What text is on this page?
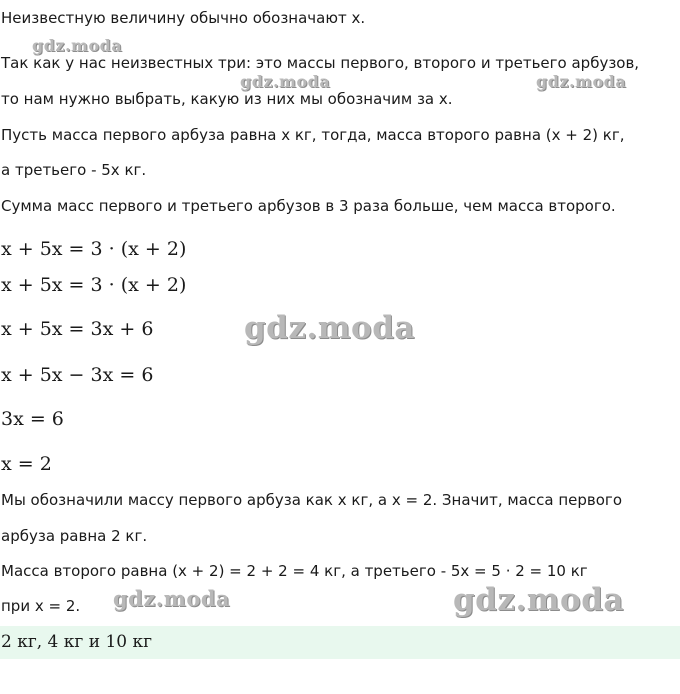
Неизвестную величину обычно обозначают x.
Так как у нас неизвестных три: это массы первого, второго и третьего арбузов,
то нам нужно выбрать, какую из них мы обозначим за x.
Пусть масса первого арбуза равна x кг, тогда, масса второго равна (x + 2) кг,
а третьего - 5x кг.
Сумма масс первого и третьего арбузов в 3 раза больше, чем масса второго.
x + 5x = 3 · (x + 2)
x + 5x = 3 · (x + 2)
x + 5x = 3x + 6
x + 5x − 3x = 6
3x = 6
x = 2
Мы обозначили массу первого арбуза как x кг, а x = 2. Значит, масса первого
арбуза равна 2 кг.
Масса второго равна (x + 2) = 2 + 2 = 4 кг, а третьего - 5x = 5 · 2 = 10 кг
при x = 2.
2 кг, 4 кг и 10 кг
gdz.moda
gdz.moda	gdz.moda
gdz.moda
gdz.moda	gdz.moda
